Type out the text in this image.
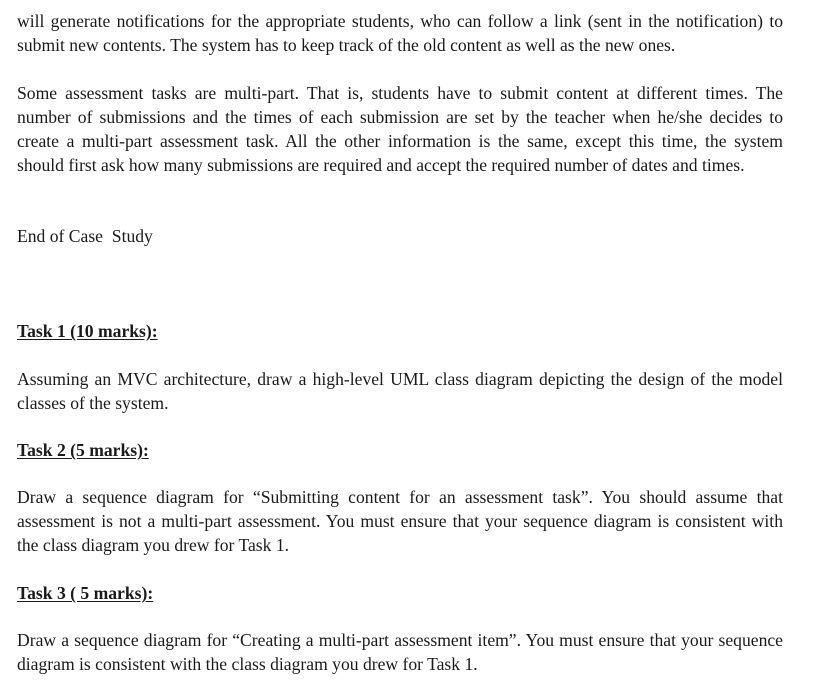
will generate notifications for the appropriate students, who can follow a link (sent in the notification) to submit new contents. The system has to keep track of the old content as well as the new ones.

Some assessment tasks are multi-part. That is, students have to submit content at different times. The number of submissions and the times of each submission are set by the teacher when he/she decides to create a multi-part assessment task. All the other information is the same, except this time, the system should first ask how many submissions are required and accept the required number of dates and times.

End of Case  Study

Task 1 (10 marks):

Assuming an MVC architecture, draw a high-level UML class diagram depicting the design of the model classes of the system.

Task 2 (5 marks):

Draw a sequence diagram for “Submitting content for an assessment task”. You should assume that assessment is not a multi-part assessment. You must ensure that your sequence diagram is consistent with the class diagram you drew for Task 1.

Task 3 ( 5 marks):

Draw a sequence diagram for “Creating a multi-part assessment item”. You must ensure that your sequence diagram is consistent with the class diagram you drew for Task 1.
